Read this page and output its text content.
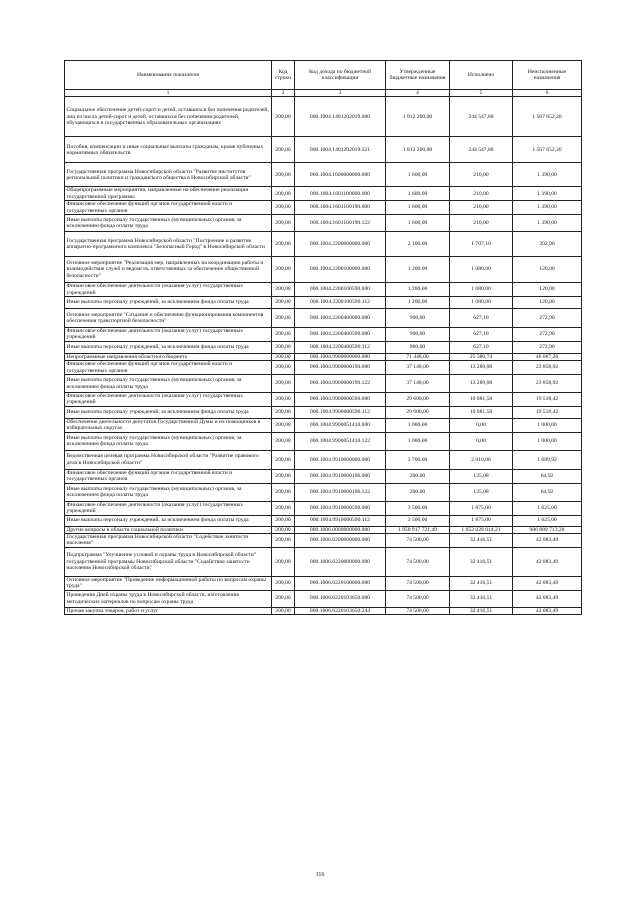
Наименование показателя	Код строки	Код дохода по бюджетной классификации	Утвержденные бюджетные назначения	Исполнено	Неисполненные назначения
1	2	3	4	5	6
Социальное обеспечение детей-сирот и детей, оставшихся без попечения родителей, лиц из числа детей-сирот и детей, оставшихся без попечения родителей, обучающихся в государственных образовательных организациях	200,00	000.1004.1401202019.000	1 812 200,00	244 547,80	1 567 652,20
Пособия, компенсации и иные социальные выплаты гражданам, кроме публичных нормативных обязательств	200,00	000.1004.1401202019.321	1 812 200,00	244 547,80	1 567 652,20
Государственная программа Новосибирской области "Развитие институтов региональной политики и гражданского общества в Новосибирской области"	200,00	000.1004.1600000000.000	1 600,00	210,00	1 390,00
Общепрограммные мероприятия, направленные на обеспечение реализации государственной программы	200,00	000.1004.1601100000.000	1 600,00	210,00	1 390,00
Финансовое обеспечение функций органов государственной власти и государственных органов	200,00	000.1004.1601100190.000	1 600,00	210,00	1 390,00
Иные выплаты персоналу государственных (муниципальных) органов, за исключением фонда оплаты труда	200,00	000.1004.1601100190.122	1 600,00	210,00	1 390,00
Государственная программа Новосибирской области "Построение и развитие аппаратно-программного комплекса "Безопасный Город" в Новосибирской области	200,00	000.1004.2200000000.000	2 100,00	1 707,10	392,90
Основное мероприятие "Реализация мер, направленных на координацию работы и взаимодействие служб и ведомств, ответственных за обеспечение общественной безопасности"	200,00	000.1004.2200100000.000	1 200,00	1 080,00	120,00
Финансовое обеспечение деятельности (оказания услуг) государственных учреждений	200,00	000.1004.2200100590.000	1 200,00	1 080,00	120,00
Иные выплаты персоналу учреждений, за исключением фонда оплаты труда	200,00	000.1004.2200100590.112	1 200,00	1 080,00	120,00
Основное мероприятие "Создание и обеспечение функционирования компонентов обеспечения транспортной безопасности"	200,00	000.1004.2200400000.000	900,00	627,10	272,90
Финансовое обеспечение деятельности (оказания услуг) государственных учреждений	200,00	000.1004.2200400590.000	900,00	627,10	272,90
Иные выплаты персоналу учреждений, за исключением фонда оплаты труда	200,00	000.1004.2200400590.112	900,00	627,10	272,90
Непрограммные направления областного бюджета	200,00	000.1004.9900000000.000	71 448,00	25 380,74	46 067,26
Финансовое обеспечение функций органов государственной власти и государственных органов	200,00	000.1004.9900000190.000	37 148,00	13 289,08	23 858,92
Иные выплаты персоналу государственных (муниципальных) органов, за исключением фонда оплаты труда	200,00	000.1004.9900000190.122	37 148,00	13 289,08	23 858,92
Финансовое обеспечение деятельности (оказания услуг) государственных учреждений	200,00	000.1004.9900000590.000	29 600,00	10 081,58	19 518,42
Иные выплаты персоналу учреждений, за исключением фонда оплаты труда	200,00	000.1004.9900000590.112	29 600,00	10 081,58	19 518,42
Обеспечение деятельности депутатов Государственной Думы и их помощников в избирательных округах	200,00	000.1004.9900051410.000	1 000,00	0,00	1 000,00
Иные выплаты персоналу государственных (муниципальных) органов, за исключением фонда оплаты труда	200,00	000.1004.9900051410.122	1 000,00	0,00	1 000,00
Ведомственная целевая программа Новосибирской области "Развитие правового дела в Новосибирской области"	200,00	000.1004.9910000000.000	3 700,00	2 010,08	1 689,92
Финансовое обеспечение функций органов государственной власти и государственных органов	200,00	000.1004.9910000190.000	200,00	135,08	64,92
Иные выплаты персоналу государственных (муниципальных) органов, за исключением фонда оплаты труда	200,00	000.1004.9910000190.122	200,00	135,08	64,92
Финансовое обеспечение деятельности (оказания услуг) государственных учреждений	200,00	000.1004.9910000590.000	3 500,00	1 875,00	1 625,00
Иные выплаты персоналу учреждений, за исключением фонда оплаты труда	200,00	000.1004.9910000590.112	3 500,00	1 875,00	1 625,00
Другие вопросы в области социальной политики	200,00	000.1006.0000000000.000	1 958 917 721,49	1 052 028 014,21	906 889 713,28
Государственная программа Новосибирской области "Содействие занятости населения"	200,00	000.1006.0200000000.000	74 500,00	32 416,51	42 083,49
Подпрограмма "Улучшение условий и охраны труда в Новосибирской области" государственной программы Новосибирской области "Содействие занятости населения Новосибирской области"	200,00	000.1006.0220000000.000	74 500,00	32 416,51	42 083,49
Основное мероприятие "Проведение информационной работы по вопросам охраны труда"	200,00	000.1006.0220100000.000	74 500,00	32 416,51	42 083,49
Проведение Дней охраны труда в Новосибирской области, изготовление методических материалов по вопросам охраны труда	200,00	000.1006.0220103650.000	74 500,00	32 416,51	42 083,49
Прочая закупка товаров, работ и услуг	200,00	000.1006.0220103650.244	74 500,00	32 416,51	42 083,49
116
